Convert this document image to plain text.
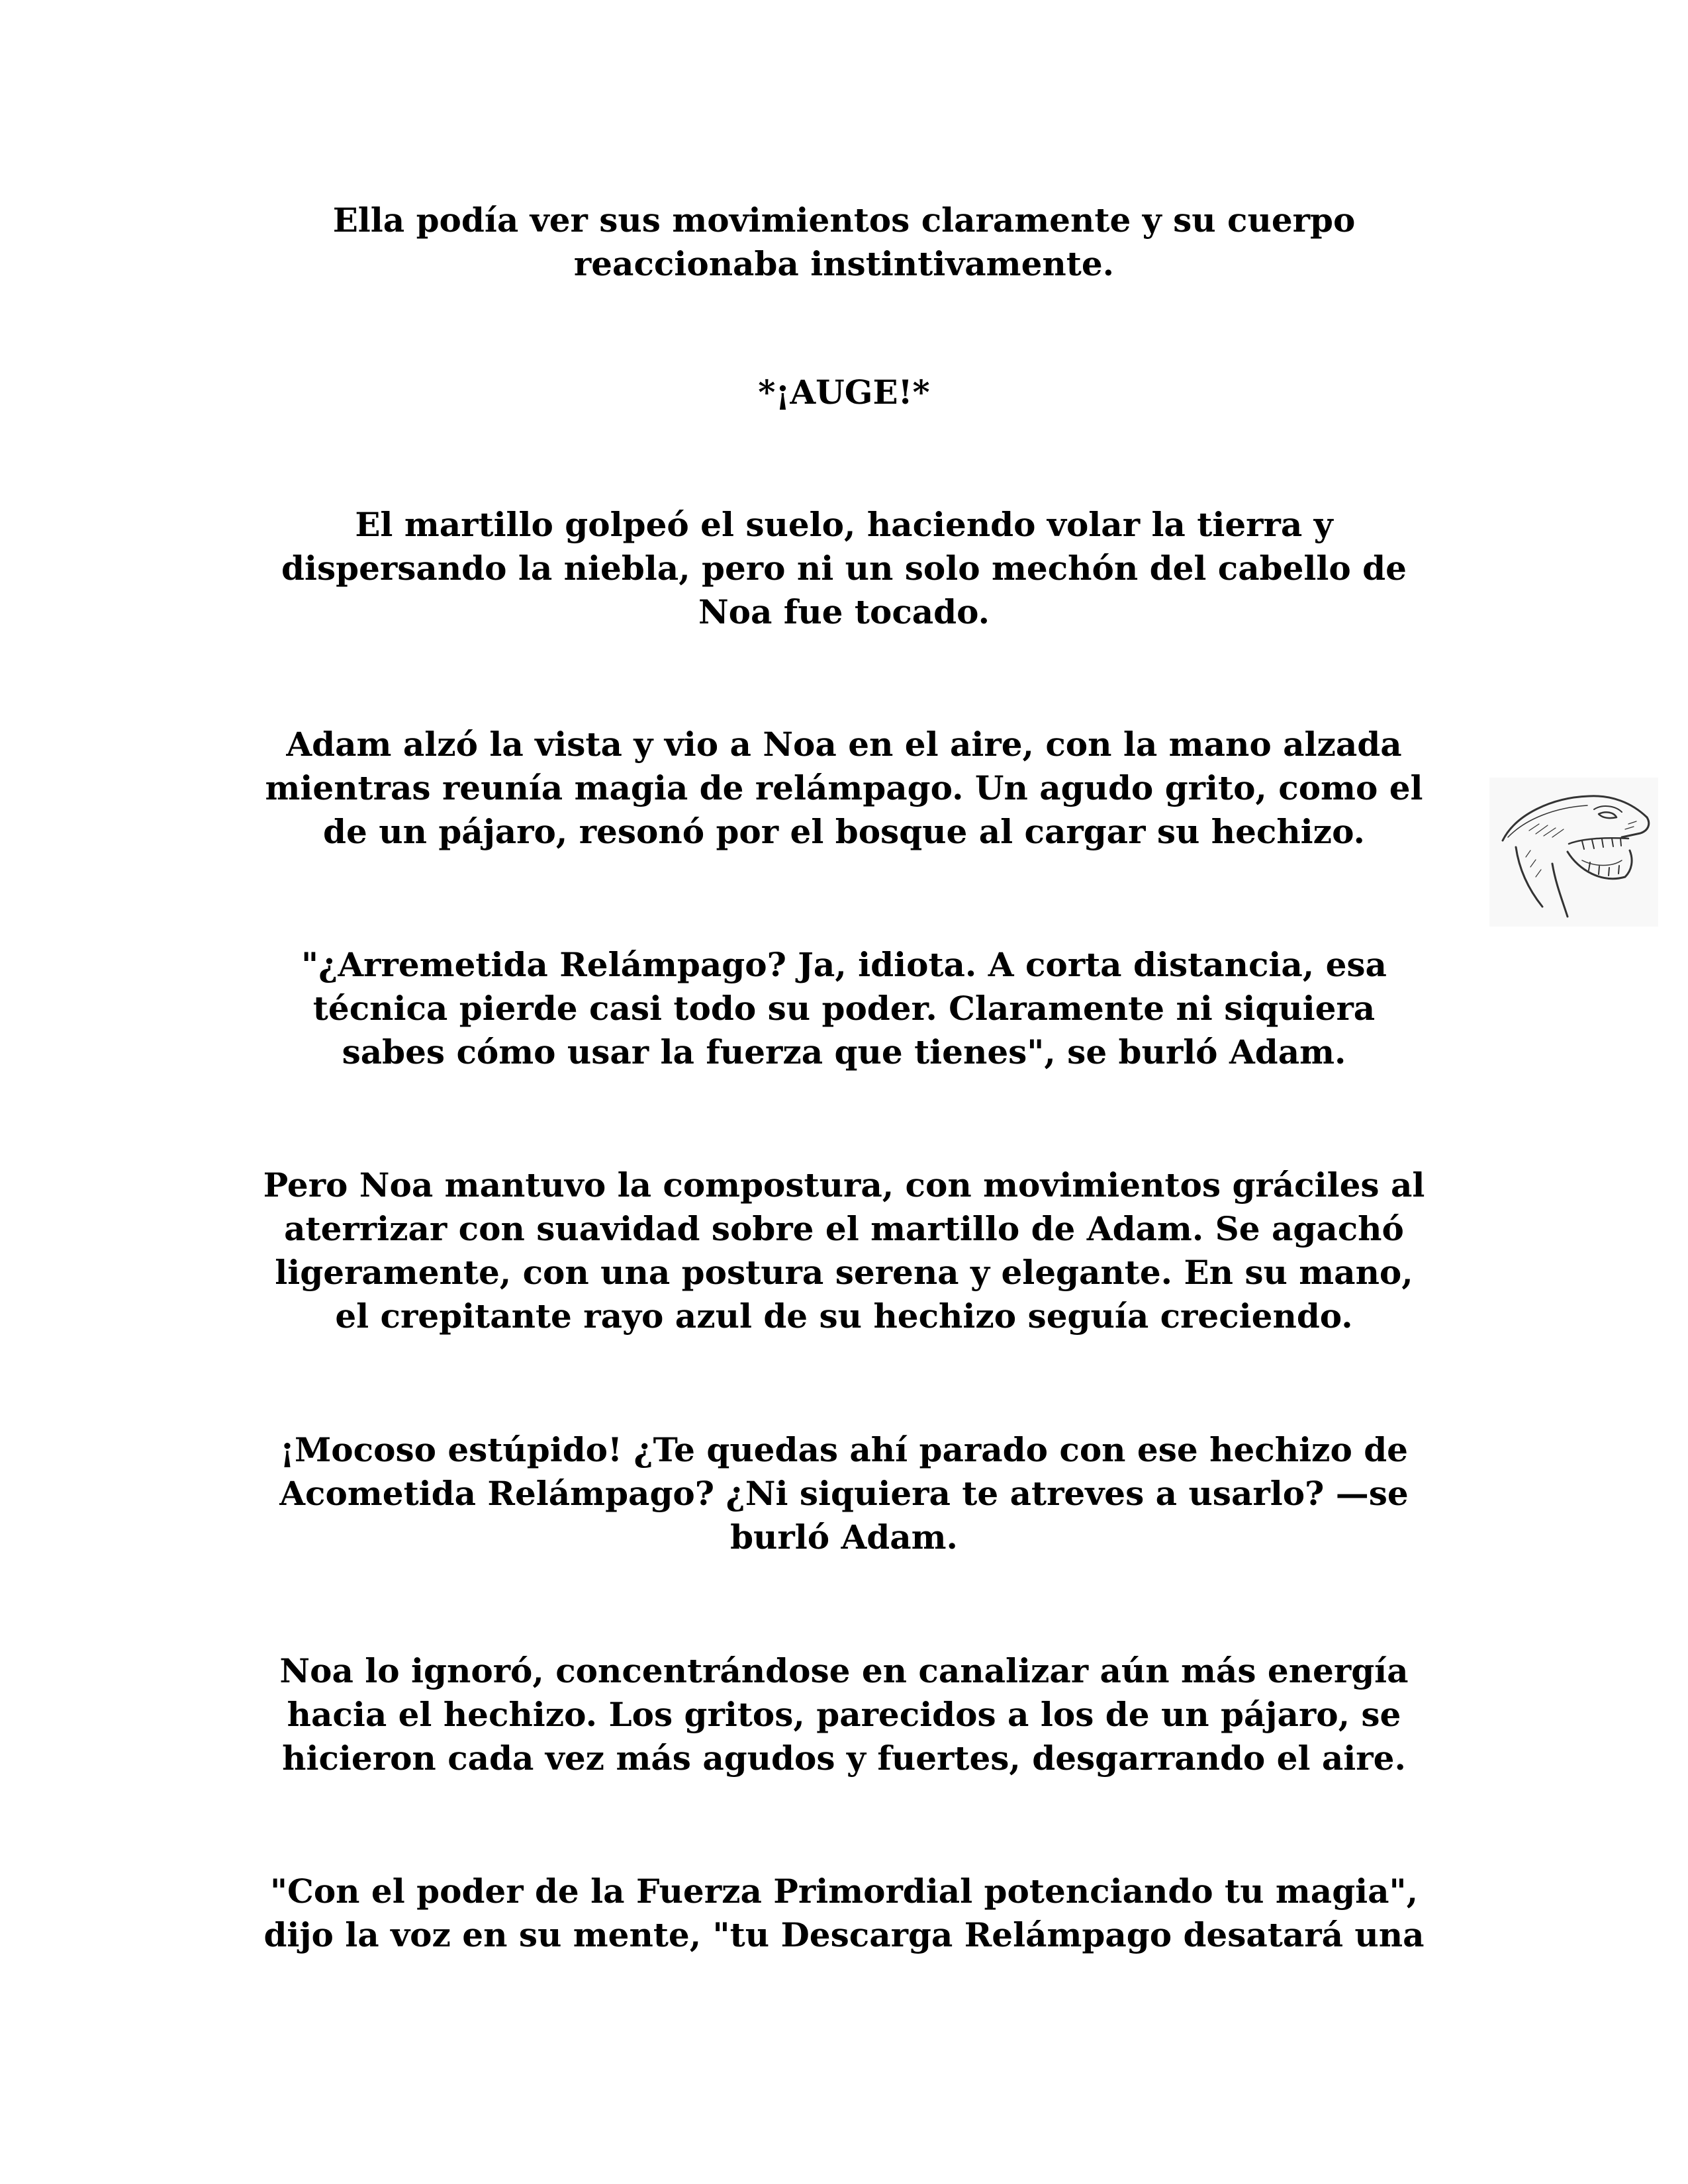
Ella podía ver sus movimientos claramente y su cuerpo
reaccionaba instintivamente.

*¡AUGE!*

El martillo golpeó el suelo, haciendo volar la tierra y
dispersando la niebla, pero ni un solo mechón del cabello de
Noa fue tocado.

Adam alzó la vista y vio a Noa en el aire, con la mano alzada
mientras reunía magia de relámpago. Un agudo grito, como el
de un pájaro, resonó por el bosque al cargar su hechizo.

"¿Arremetida Relámpago? Ja, idiota. A corta distancia, esa
técnica pierde casi todo su poder. Claramente ni siquiera
sabes cómo usar la fuerza que tienes", se burló Adam.

Pero Noa mantuvo la compostura, con movimientos gráciles al
aterrizar con suavidad sobre el martillo de Adam. Se agachó
ligeramente, con una postura serena y elegante. En su mano,
el crepitante rayo azul de su hechizo seguía creciendo.

¡Mocoso estúpido! ¿Te quedas ahí parado con ese hechizo de
Acometida Relámpago? ¿Ni siquiera te atreves a usarlo? —se
burló Adam.

Noa lo ignoró, concentrándose en canalizar aún más energía
hacia el hechizo. Los gritos, parecidos a los de un pájaro, se
hicieron cada vez más agudos y fuertes, desgarrando el aire.

"Con el poder de la Fuerza Primordial potenciando tu magia",
dijo la voz en su mente, "tu Descarga Relámpago desatará una
